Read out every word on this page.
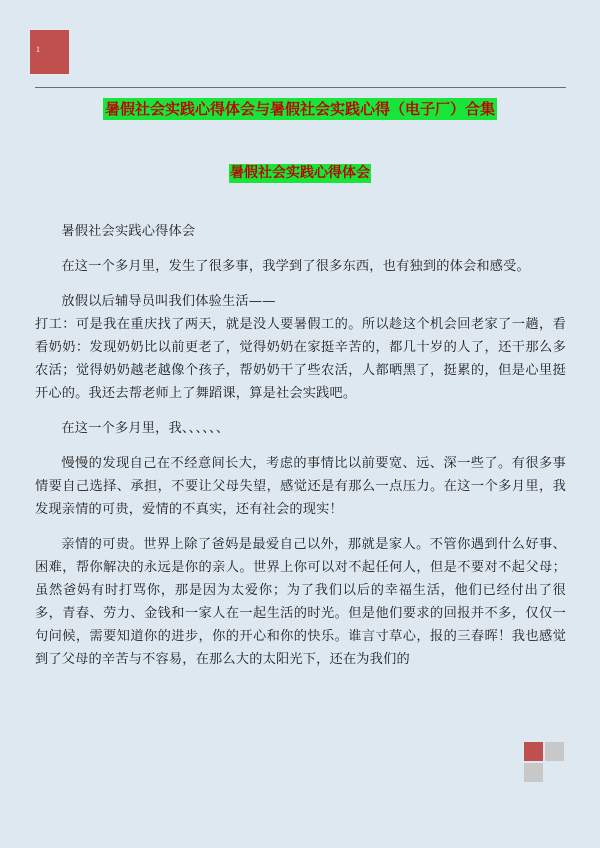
1
暑假社会实践心得体会与暑假社会实践心得（电子厂）合集
暑假社会实践心得体会

暑假社会实践心得体会

在这一个多月里，发生了很多事，我学到了很多东西，也有独到的体会和感受。

放假以后辅导员叫我们体验生活——

打工：可是我在重庆找了两天，就是没人要暑假工的。所以趁这个机会回老家了一趟，看看奶奶：发现奶奶比以前更老了，觉得奶奶在家挺辛苦的，都几十岁的人了，还干那么多农活；觉得奶奶越老越像个孩子，帮奶奶干了些农活，人都晒黑了，挺累的，但是心里挺开心的。我还去帮老师上了舞蹈课，算是社会实践吧。

在这一个多月里，我、、、、、、

慢慢的发现自己在不经意间长大，考虑的事情比以前要宽、远、深一些了。有很多事情要自己选择、承担，不要让父母失望，感觉还是有那么一点压力。在这一个多月里，我发现亲情的可贵，爱情的不真实，还有社会的现实！

亲情的可贵。世界上除了爸妈是最爱自己以外，那就是家人。不管你遇到什么好事、困难，帮你解决的永远是你的亲人。世界上你可以对不起任何人，但是不要对不起父母；虽然爸妈有时打骂你，那是因为太爱你；为了我们以后的幸福生活，他们已经付出了很多，青春、劳力、金钱和一家人在一起生活的时光。但是他们要求的回报并不多，仅仅一句问候，需要知道你的进步，你的开心和你的快乐。谁言寸草心，报的三春晖！我也感觉到了父母的辛苦与不容易，在那么大的太阳光下，还在为我们的
